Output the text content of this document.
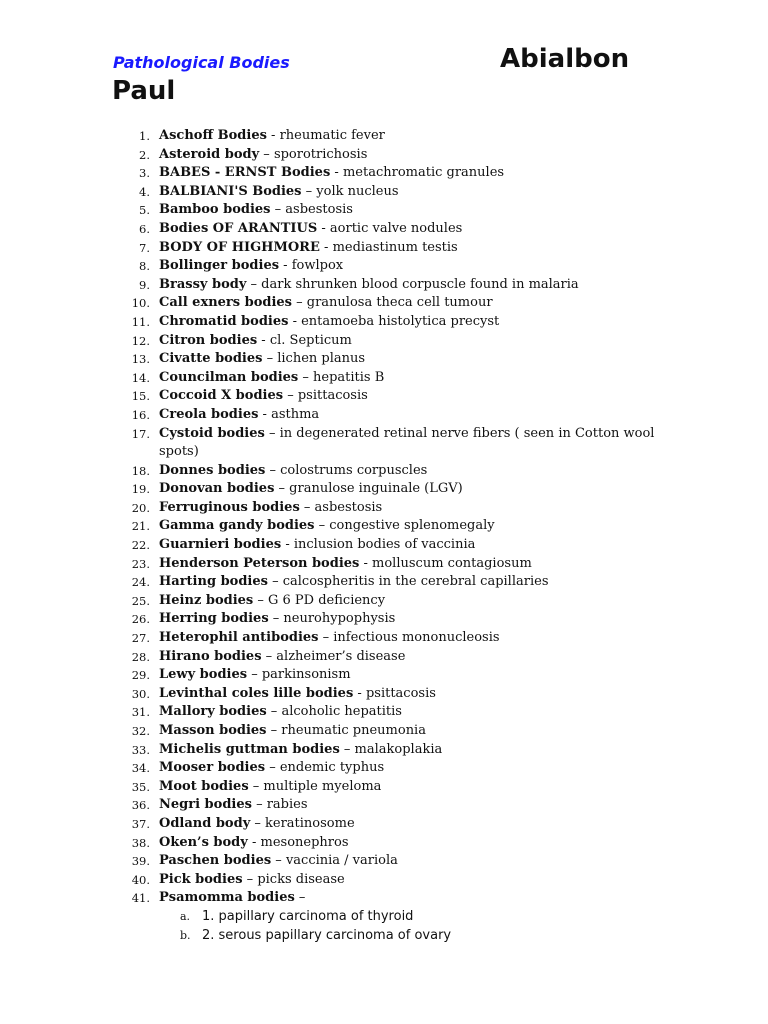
Pathological Bodies	Abialbon
Paul
1. Aschoff Bodies - rheumatic fever
2. Asteroid body – sporotrichosis
3. BABES - ERNST Bodies - metachromatic granules
4. BALBIANI'S Bodies – yolk nucleus
5. Bamboo bodies – asbestosis
6. Bodies OF ARANTIUS - aortic valve nodules
7. BODY OF HIGHMORE - mediastinum testis
8. Bollinger bodies - fowlpox
9. Brassy body – dark shrunken blood corpuscle found in malaria
10. Call exners bodies – granulosa theca cell tumour
11. Chromatid bodies - entamoeba histolytica precyst
12. Citron bodies - cl. Septicum
13. Civatte bodies – lichen planus
14. Councilman bodies – hepatitis B
15. Coccoid X bodies – psittacosis
16. Creola bodies - asthma
17. Cystoid bodies – in degenerated retinal nerve fibers ( seen in Cotton wool spots)
18. Donnes bodies – colostrums corpuscles
19. Donovan bodies – granulose inguinale (LGV)
20. Ferruginous bodies – asbestosis
21. Gamma gandy bodies – congestive splenomegaly
22. Guarnieri bodies - inclusion bodies of vaccinia
23. Henderson Peterson bodies - molluscum contagiosum
24. Harting bodies – calcospheritis in the cerebral capillaries
25. Heinz bodies – G 6 PD deficiency
26. Herring bodies – neurohypophysis
27. Heterophil antibodies – infectious mononucleosis
28. Hirano bodies – alzheimer’s disease
29. Lewy bodies – parkinsonism
30. Levinthal coles lille bodies - psittacosis
31. Mallory bodies – alcoholic hepatitis
32. Masson bodies – rheumatic pneumonia
33. Michelis guttman bodies – malakoplakia
34. Mooser bodies – endemic typhus
35. Moot bodies – multiple myeloma
36. Negri bodies – rabies
37. Odland body – keratinosome
38. Oken’s body - mesonephros
39. Paschen bodies – vaccinia / variola
40. Pick bodies – picks disease
41. Psamomma bodies –
a. 1. papillary carcinoma of thyroid
b. 2. serous papillary carcinoma of ovary
